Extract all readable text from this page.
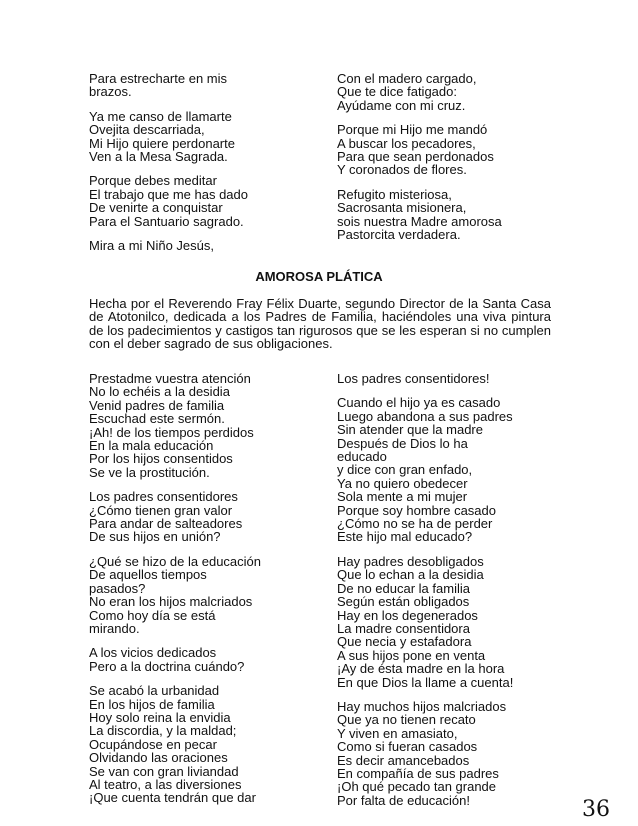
Para estrecharte en mis
brazos.
Ya me canso de llamarte
Ovejita descarriada,
Mi Hijo quiere perdonarte
Ven a la Mesa Sagrada.
Porque debes meditar
El trabajo que me has dado
De venirte a conquistar
Para el Santuario sagrado.
Mira a mi Niño Jesús,
Con el madero cargado,
Que te dice fatigado:
Ayúdame con mi cruz.
Porque mi Hijo me mandó
A buscar los pecadores,
Para que sean perdonados
Y coronados de flores.
Refugito misteriosa,
Sacrosanta misionera,
sois nuestra Madre amorosa
Pastorcita verdadera.
AMOROSA PLÁTICA
Hecha por el Reverendo Fray Félix Duarte, segundo Director de la Santa Casa de Atotonilco, dedicada a los Padres de Familia, haciéndoles una viva pintura de los padecimientos y castigos tan rigurosos que se les esperan si no cumplen con el deber sagrado de sus obligaciones.
Prestadme vuestra atención
No lo echéis a la desidia
Venid padres de familia
Escuchad este sermón.
¡Ah! de los tiempos perdidos
En la mala educación
Por los hijos consentidos
Se ve la prostitución.
Los padres consentidores
¿Cómo tienen gran valor
Para andar de salteadores
De sus hijos en unión?
¿Qué se hizo de la educación
De aquellos tiempos
pasados?
No eran los hijos malcriados
Como hoy día se está
mirando.
A los vicios dedicados
Pero a la doctrina cuándo?
Se acabó la urbanidad
En los hijos de familia
Hoy solo reina la envidia
La discordia, y la maldad;
Ocupándose en pecar
Olvidando las oraciones
Se van con gran liviandad
Al teatro, a las diversiones
¡Que cuenta tendrán que dar
Los padres consentidores!
Cuando el hijo ya es casado
Luego abandona a sus padres
Sin atender que la madre
Después de Dios lo ha
educado
y dice con gran enfado,
Ya no quiero obedecer
Sola mente a mi mujer
Porque soy hombre casado
¿Cómo no se ha de perder
Este hijo mal educado?
Hay padres desobligados
Que lo echan a la desidia
De no educar la familia
Según están obligados
Hay en los degenerados
La madre consentidora
Que necia y estafadora
A sus hijos pone en venta
¡Ay de ésta madre en la hora
En que Dios la llame a cuenta!
Hay muchos hijos malcriados
Que ya no tienen recato
Y viven en amasiato,
Como si fueran casados
Es decir amancebados
En compañía de sus padres
¡Oh qué pecado tan grande
Por falta de educación!	36
